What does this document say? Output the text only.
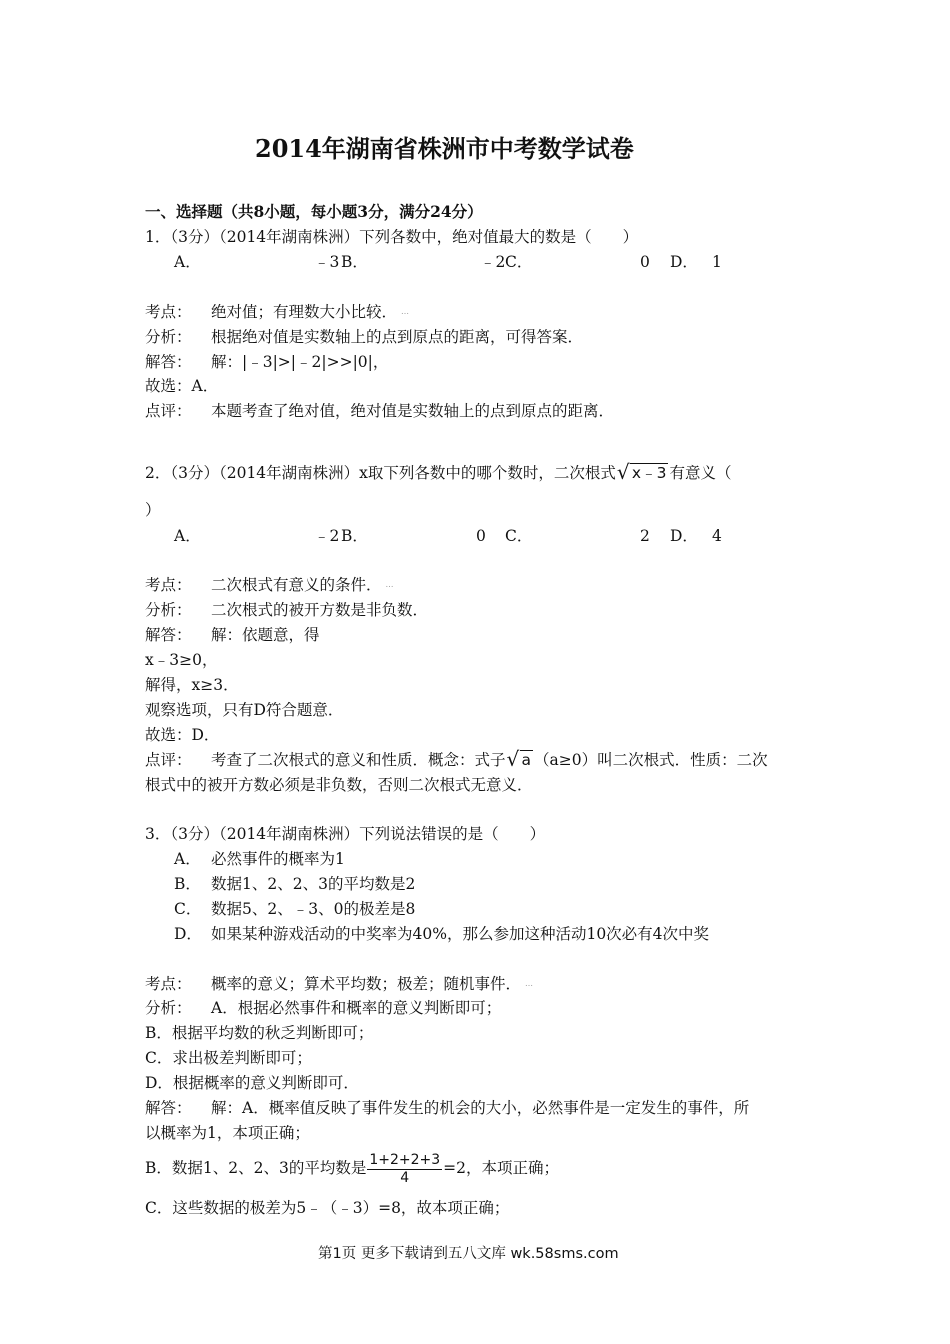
2014年湖南省株洲市中考数学试卷
一、选择题（共8小题，每小题3分，满分24分）
1．（3分）（2014年湖南株洲）下列各数中，绝对值最大的数是（　　）
A．	﹣3 B．	﹣2 C．	0 D． 1
考点： 绝对值；有理数大小比较． …
分析： 根据绝对值是实数轴上的点到原点的距离，可得答案．
解答： 解：|﹣3|>|﹣2|>>|0|，
故选：A．
点评： 本题考查了绝对值，绝对值是实数轴上的点到原点的距离．
2．（3分）（2014年湖南株洲）x取下列各数中的哪个数时，二次根式 √ x﹣3 有意义（
）
A．	﹣2 B．	0 C．	2 D． 4
考点： 二次根式有意义的条件． …
分析： 二次根式的被开方数是非负数．
解答： 解：依题意，得
x﹣3≥0，
解得，x≥3．
观察选项，只有D符合题意．
故选：D．
点评： 考查了二次根式的意义和性质．概念：式子 √ a （a≥0）叫二次根式．性质：二次
根式中的被开方数必须是非负数，否则二次根式无意义．
3．（3分）（2014年湖南株洲）下列说法错误的是（　　）
A． 必然事件的概率为1
B． 数据1、2、2、3的平均数是2
C． 数据5、2、﹣3、0的极差是8
D． 如果某种游戏活动的中奖率为40%，那么参加这种活动10次必有4次中奖
考点： 概率的意义；算术平均数；极差；随机事件． …
分析： A．根据必然事件和概率的意义判断即可；
B．根据平均数的秋乏判断即可；
C．求出极差判断即可；
D．根据概率的意义判断即可．
解答： 解：A．概率值反映了事件发生的机会的大小，必然事件是一定发生的事件，所
以概率为1，本项正确；
B．数据1、2、2、3的平均数是 $\frac{1+2+2+3}{4} =2$，本项正确；
C．这些数据的极差为5﹣（﹣3）=8，故本项正确；
第1页 更多下载请到五八文库 wk.58sms.com
